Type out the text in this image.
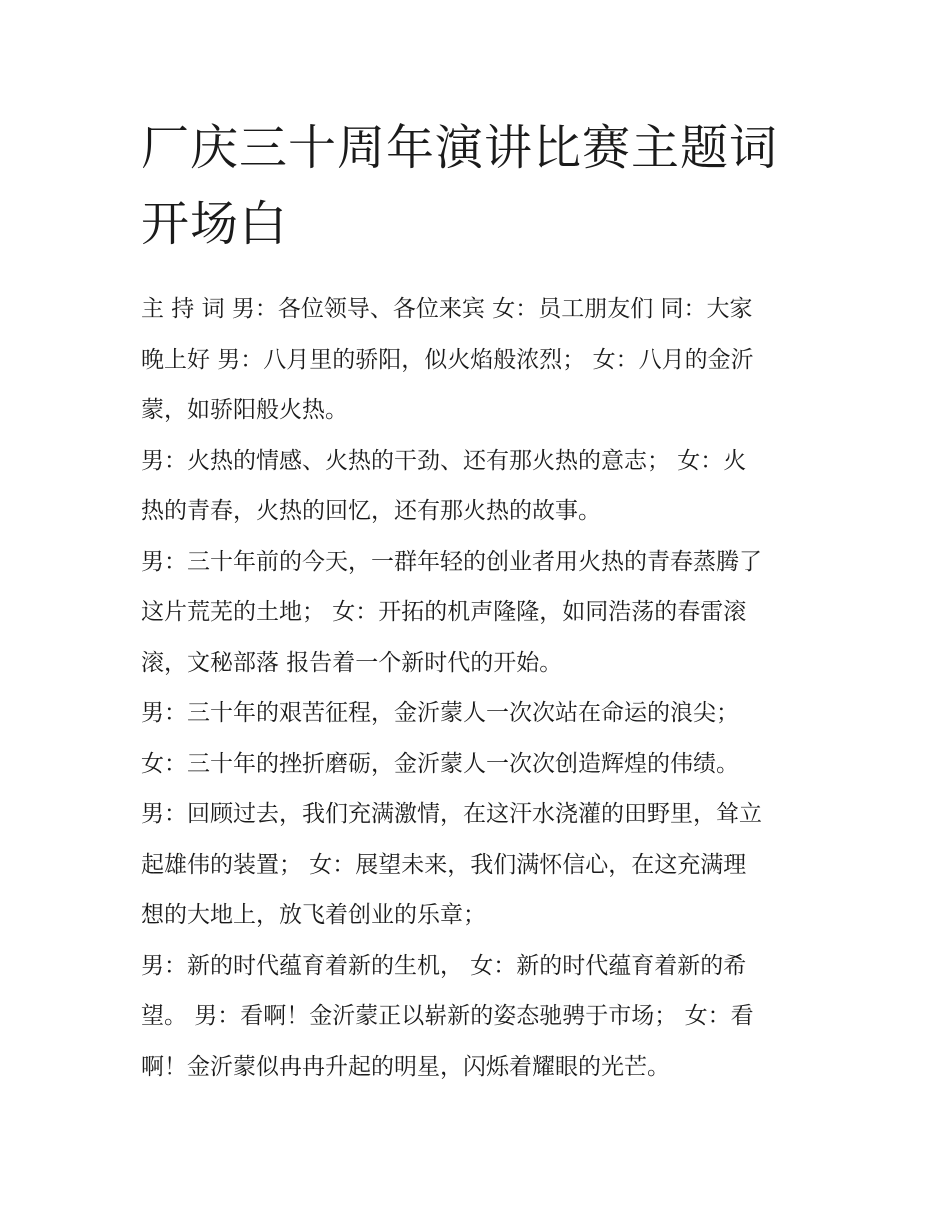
厂庆三十周年演讲比赛主题词
开场白

主 持 词 男：各位领导、各位来宾 女：员工朋友们 同：大家
晚上好 男：八月里的骄阳，似火焰般浓烈； 女：八月的金沂
蒙，如骄阳般火热。

男：火热的情感、火热的干劲、还有那火热的意志； 女：火
热的青春，火热的回忆，还有那火热的故事。

男：三十年前的今天，一群年轻的创业者用火热的青春蒸腾了
这片荒芜的土地； 女：开拓的机声隆隆，如同浩荡的春雷滚
滚，文秘部落 报告着一个新时代的开始。

男：三十年的艰苦征程，金沂蒙人一次次站在命运的浪尖；

女：三十年的挫折磨砺，金沂蒙人一次次创造辉煌的伟绩。

男：回顾过去，我们充满激情，在这汗水浇灌的田野里，耸立
起雄伟的装置； 女：展望未来，我们满怀信心，在这充满理
想的大地上，放飞着创业的乐章；

男：新的时代蕴育着新的生机， 女：新的时代蕴育着新的希
望。 男：看啊！金沂蒙正以崭新的姿态驰骋于市场； 女：看
啊！金沂蒙似冉冉升起的明星，闪烁着耀眼的光芒。
